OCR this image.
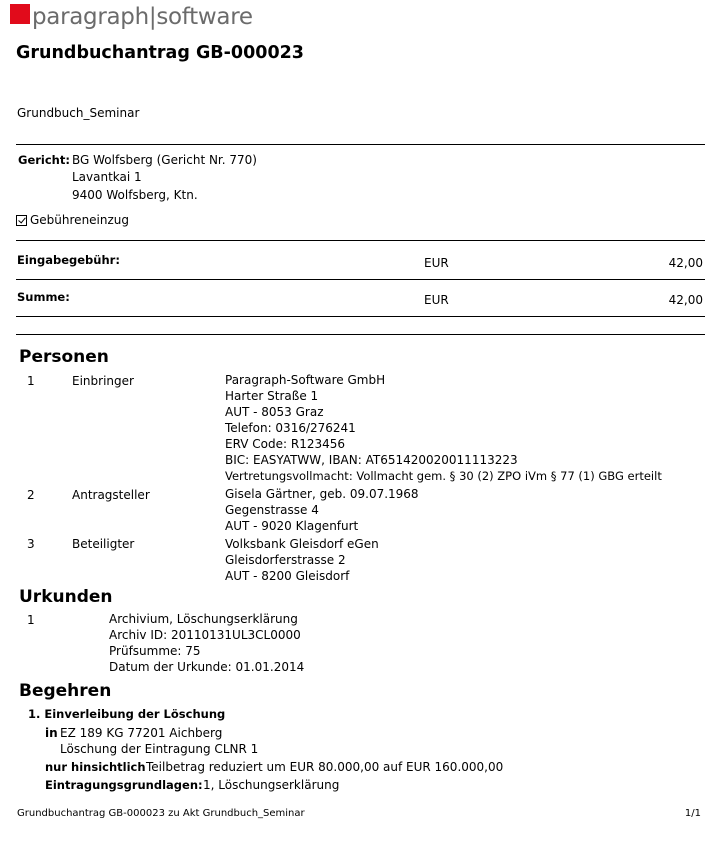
paragraph|software
Grundbuchantrag GB-000023
Grundbuch_Seminar
Gericht: BG Wolfsberg (Gericht Nr. 770)
Lavantkai 1
9400 Wolfsberg, Ktn.
Gebühreneinzug
Eingabegebühr:	EUR	42,00
Summe:	EUR	42,00
Personen
1	Einbringer	Paragraph-Software GmbH
Harter Straße 1
AUT - 8053 Graz
Telefon: 0316/276241
ERV Code: R123456
BIC: EASYATWW, IBAN: AT651420020011113223
Vertretungsvollmacht: Vollmacht gem. § 30 (2) ZPO iVm § 77 (1) GBG erteilt
2	Antragsteller	Gisela Gärtner, geb. 09.07.1968
Gegenstrasse 4
AUT - 9020 Klagenfurt
3	Beteiligter	Volksbank Gleisdorf eGen
Gleisdorferstrasse 2
AUT - 8200 Gleisdorf
Urkunden
1	Archivium, Löschungserklärung
Archiv ID: 20110131UL3CL0000
Prüfsumme: 75
Datum der Urkunde: 01.01.2014
Begehren
1. Einverleibung der Löschung
in EZ 189 KG 77201 Aichberg
Löschung der Eintragung CLNR 1
nur hinsichtlich Teilbetrag reduziert um EUR 80.000,00 auf EUR 160.000,00
Eintragungsgrundlagen: 1, Löschungserklärung
Grundbuchantrag GB-000023 zu Akt Grundbuch_Seminar	1/1
